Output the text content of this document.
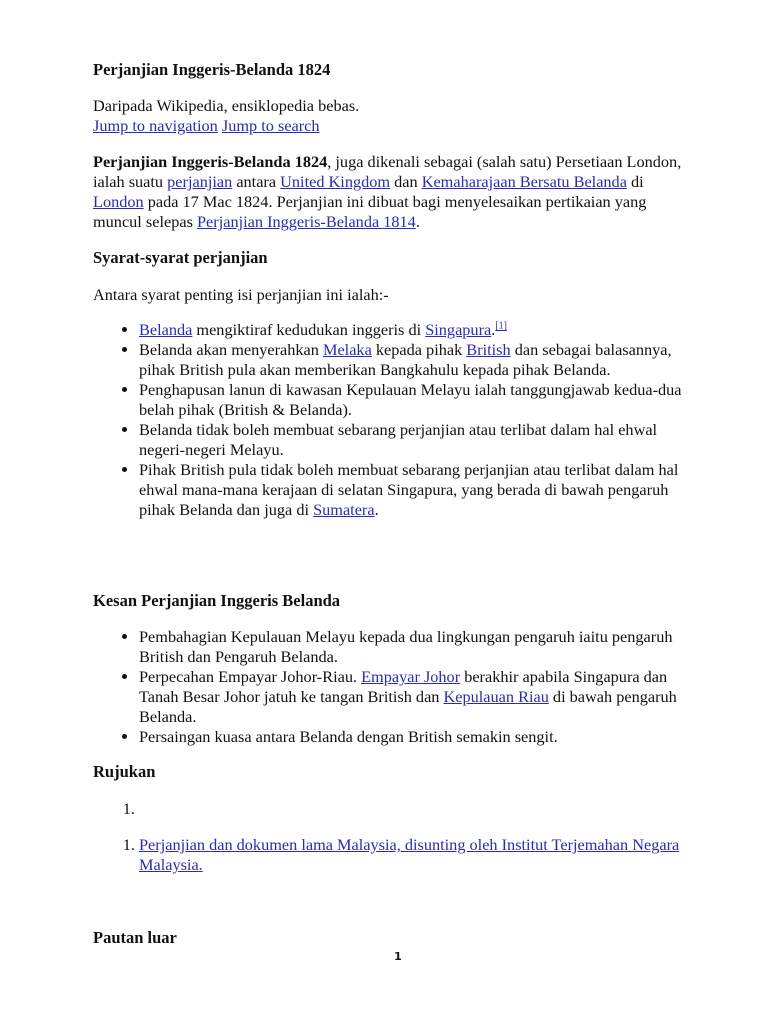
Perjanjian Inggeris-Belanda 1824
Daripada Wikipedia, ensiklopedia bebas.
Jump to navigation Jump to search
Perjanjian Inggeris-Belanda 1824, juga dikenali sebagai (salah satu) Persetiaan London, ialah suatu perjanjian antara United Kingdom dan Kemaharajaan Bersatu Belanda di London pada 17 Mac 1824. Perjanjian ini dibuat bagi menyelesaikan pertikaian yang muncul selepas Perjanjian Inggeris-Belanda 1814.
Syarat-syarat perjanjian
Antara syarat penting isi perjanjian ini ialah:-
• Belanda mengiktiraf kedudukan inggeris di Singapura.[1]
• Belanda akan menyerahkan Melaka kepada pihak British dan sebagai balasannya, pihak British pula akan memberikan Bangkahulu kepada pihak Belanda.
• Penghapusan lanun di kawasan Kepulauan Melayu ialah tanggungjawab kedua-dua belah pihak (British & Belanda).
• Belanda tidak boleh membuat sebarang perjanjian atau terlibat dalam hal ehwal negeri-negeri Melayu.
• Pihak British pula tidak boleh membuat sebarang perjanjian atau terlibat dalam hal ehwal mana-mana kerajaan di selatan Singapura, yang berada di bawah pengaruh pihak Belanda dan juga di Sumatera.
Kesan Perjanjian Inggeris Belanda
• Pembahagian Kepulauan Melayu kepada dua lingkungan pengaruh iaitu pengaruh British dan Pengaruh Belanda.
• Perpecahan Empayar Johor-Riau. Empayar Johor berakhir apabila Singapura dan Tanah Besar Johor jatuh ke tangan British dan Kepulauan Riau di bawah pengaruh Belanda.
• Persaingan kuasa antara Belanda dengan British semakin sengit.
Rujukan
1.
1. Perjanjian dan dokumen lama Malaysia, disunting oleh Institut Terjemahan Negara Malaysia.
Pautan luar
1
